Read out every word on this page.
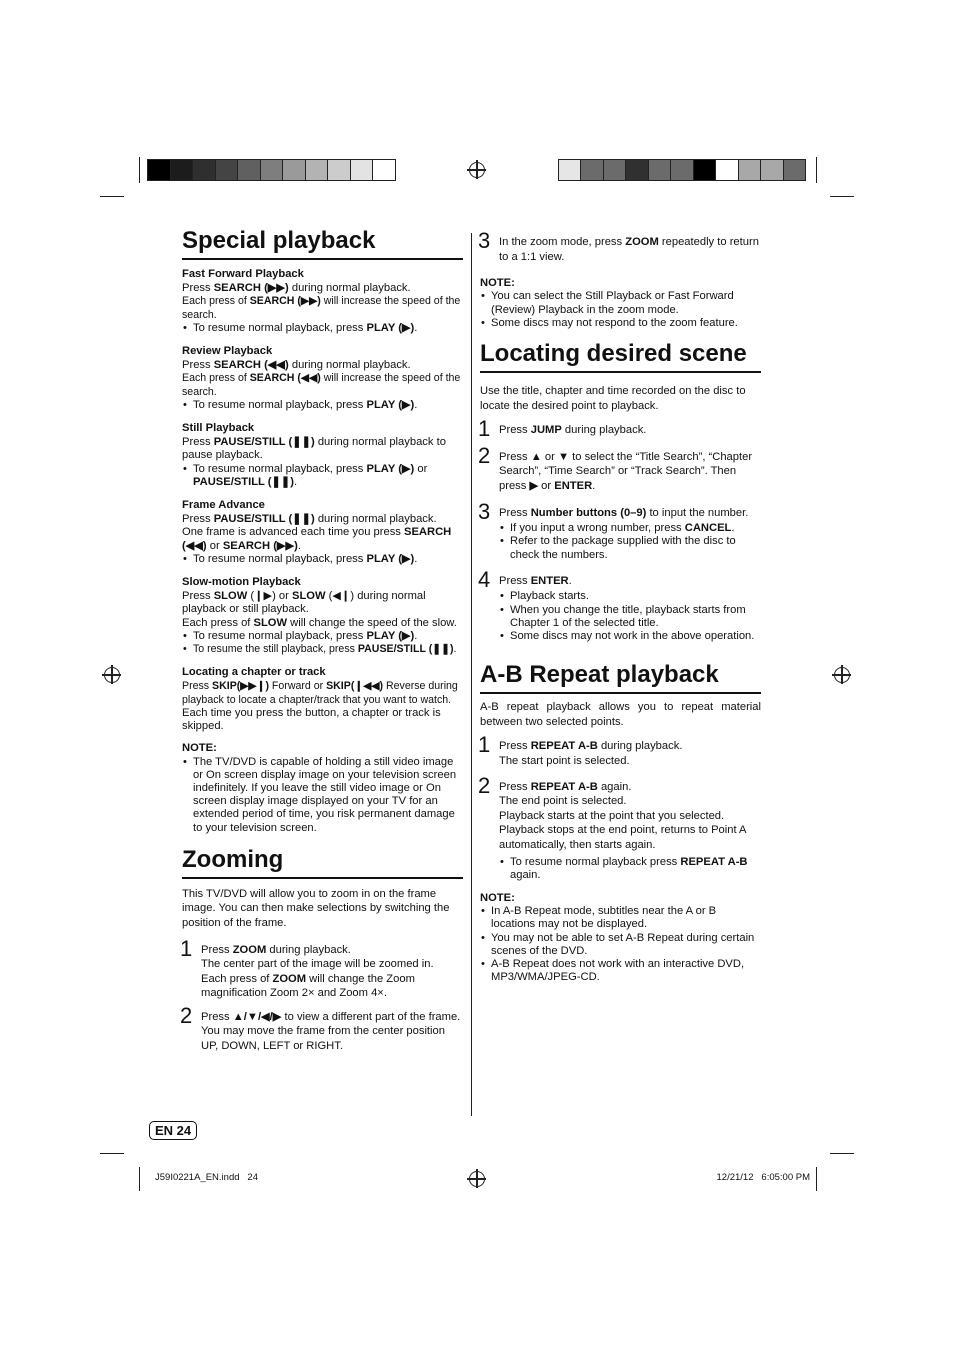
Special playback
Fast Forward Playback

Press SEARCH (▶▶) during normal playback.

Each press of SEARCH (▶▶) will increase the speed of the search.

• To resume normal playback, press PLAY (▶).
Review Playback

Press SEARCH (◀◀) during normal playback.

Each press of SEARCH (◀◀) will increase the speed of the search.

• To resume normal playback, press PLAY (▶).
Still Playback

Press PAUSE/STILL (❚❚) during normal playback to pause playback.

• To resume normal playback, press PLAY (▶) or PAUSE/STILL (❚❚).
Frame Advance

Press PAUSE/STILL (❚❚) during normal playback.

One frame is advanced each time you press SEARCH (◀◀) or SEARCH (▶▶).

• To resume normal playback, press PLAY (▶).
Slow-motion Playback

Press SLOW (❙▶) or SLOW (◀❙) during normal playback or still playback.

Each press of SLOW will change the speed of the slow.

• To resume normal playback, press PLAY (▶).
• To resume the still playback, press PAUSE/STILL (❚❚).
Locating a chapter or track

Press SKIP(▶▶❙) Forward or SKIP(❙◀◀) Reverse during playback to locate a chapter/track that you want to watch.

Each time you press the button, a chapter or track is skipped.

NOTE:

• The TV/DVD is capable of holding a still video image or On screen display image on your television screen indefinitely. If you leave the still video image or On screen display image displayed on your TV for an extended period of time, you risk permanent damage to your television screen.
Zooming

This TV/DVD will allow you to zoom in on the frame image. You can then make selections by switching the position of the frame.

1 Press ZOOM during playback.

The center part of the image will be zoomed in.

Each press of ZOOM will change the Zoom magnification Zoom 2× and Zoom 4×.

2 Press ▲/▼/◀/▶ to view a different part of the frame.

You may move the frame from the center position UP, DOWN, LEFT or RIGHT.

3 In the zoom mode, press ZOOM repeatedly to return to a 1:1 view.

NOTE:

• You can select the Still Playback or Fast Forward (Review) Playback in the zoom mode.
• Some discs may not respond to the zoom feature.
Locating desired scene

Use the title, chapter and time recorded on the disc to locate the desired point to playback.

1 Press JUMP during playback.

2 Press ▲ or ▼ to select the “Title Search”, “Chapter Search”, “Time Search” or “Track Search”. Then press ▶ or ENTER.

3 Press Number buttons (0–9) to input the number.

• If you input a wrong number, press CANCEL.
• Refer to the package supplied with the disc to check the numbers.
4 Press ENTER.

• Playback starts.
• When you change the title, playback starts from Chapter 1 of the selected title.
• Some discs may not work in the above operation.
A-B Repeat playback

A-B repeat playback allows you to repeat material between two selected points.

1 Press REPEAT A-B during playback.

The start point is selected.

2 Press REPEAT A-B again.

The end point is selected.

Playback starts at the point that you selected.

Playback stops at the end point, returns to Point A automatically, then starts again.

• To resume normal playback press REPEAT A-B again.

NOTE:

• In A-B Repeat mode, subtitles near the A or B locations may not be displayed.
• You may not be able to set A-B Repeat during certain scenes of the DVD.
• A-B Repeat does not work with an interactive DVD, MP3/WMA/JPEG-CD.
EN 24
J59I0221A_EN.indd   24	12/21/12   6:05:00 PM
